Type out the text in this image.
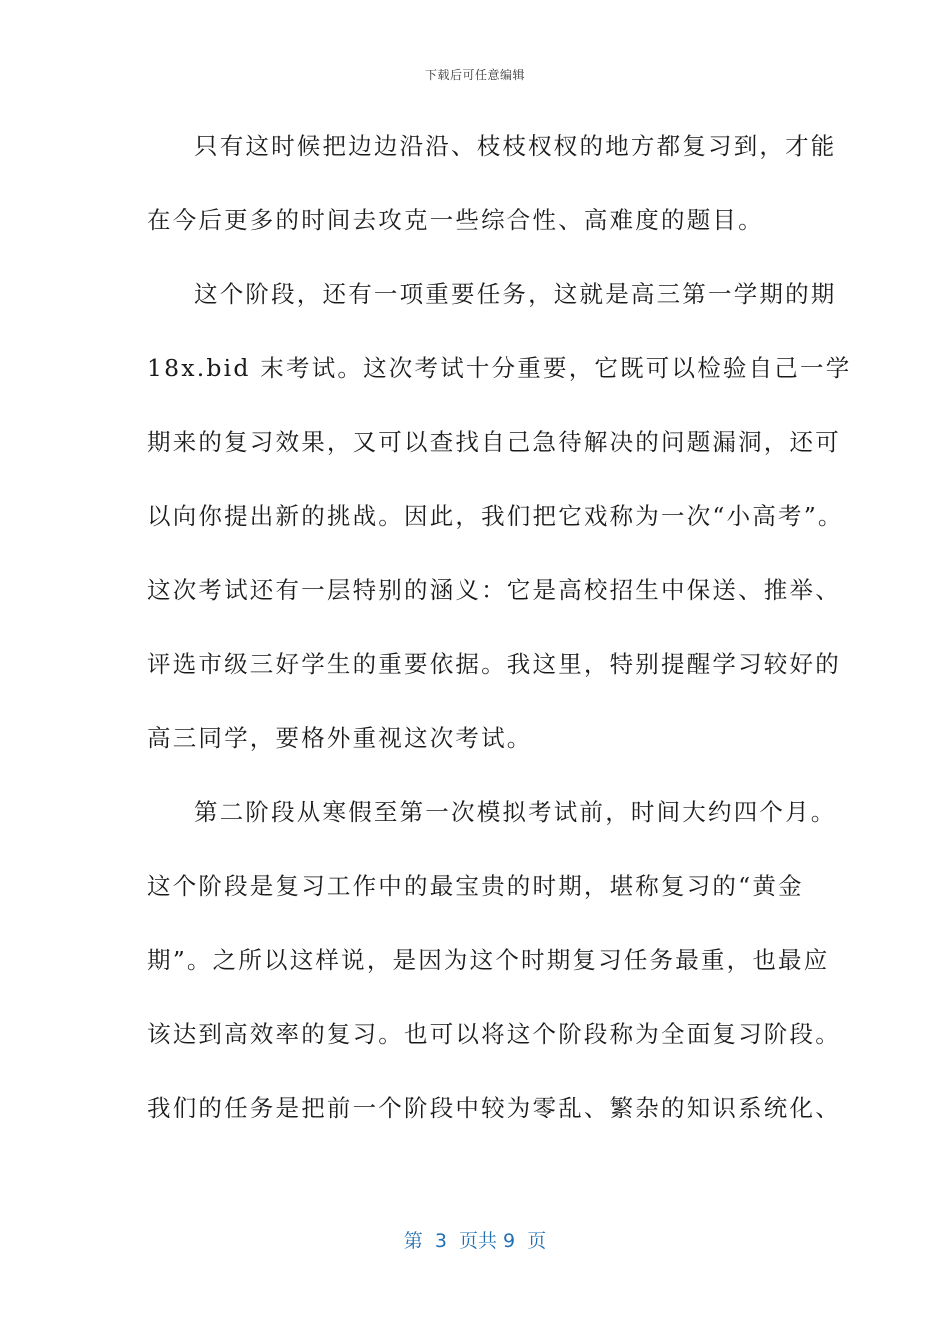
下载后可任意编辑
只有这时候把边边沿沿、枝枝杈杈的地方都复习到，才能
在今后更多的时间去攻克一些综合性、高难度的题目。
这个阶段，还有一项重要任务，这就是高三第一学期的期
18x.bid 末考试。这次考试十分重要，它既可以检验自己一学
期来的复习效果，又可以查找自己急待解决的问题漏洞，还可
以向你提出新的挑战。因此，我们把它戏称为一次“小高考”。
这次考试还有一层特别的涵义：它是高校招生中保送、推举、
评选市级三好学生的重要依据。我这里，特别提醒学习较好的
高三同学，要格外重视这次考试。
第二阶段从寒假至第一次模拟考试前，时间大约四个月。
这个阶段是复习工作中的最宝贵的时期，堪称复习的“黄金
期”。之所以这样说，是因为这个时期复习任务最重，也最应
该达到高效率的复习。也可以将这个阶段称为全面复习阶段。
我们的任务是把前一个阶段中较为零乱、繁杂的知识系统化、
第  3  页共 9  页
